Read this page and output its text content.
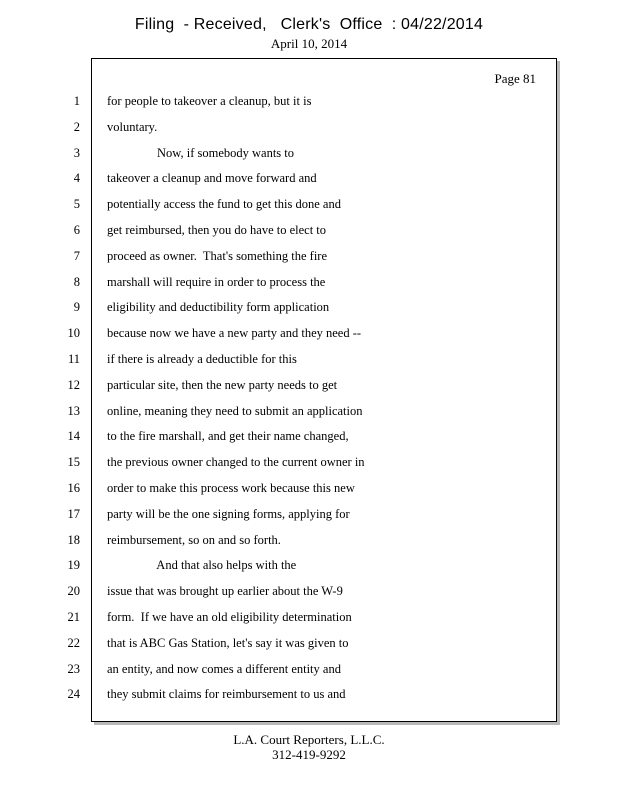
Filing  - Received,   Clerk's  Office  : 04/22/2014
April 10, 2014
Page 81
1 for people to takeover a cleanup, but it is
2 voluntary.
3 Now, if somebody wants to
4 takeover a cleanup and move forward and
5 potentially access the fund to get this done and
6 get reimbursed, then you do have to elect to
7 proceed as owner.  That's something the fire
8 marshall will require in order to process the
9 eligibility and deductibility form application
10 because now we have a new party and they need --
11 if there is already a deductible for this
12 particular site, then the new party needs to get
13 online, meaning they need to submit an application
14 to the fire marshall, and get their name changed,
15 the previous owner changed to the current owner in
16 order to make this process work because this new
17 party will be the one signing forms, applying for
18 reimbursement, so on and so forth.
19 And that also helps with the
20 issue that was brought up earlier about the W-9
21 form.  If we have an old eligibility determination
22 that is ABC Gas Station, let's say it was given to
23 an entity, and now comes a different entity and
24 they submit claims for reimbursement to us and
L.A. Court Reporters, L.L.C.
312-419-9292
